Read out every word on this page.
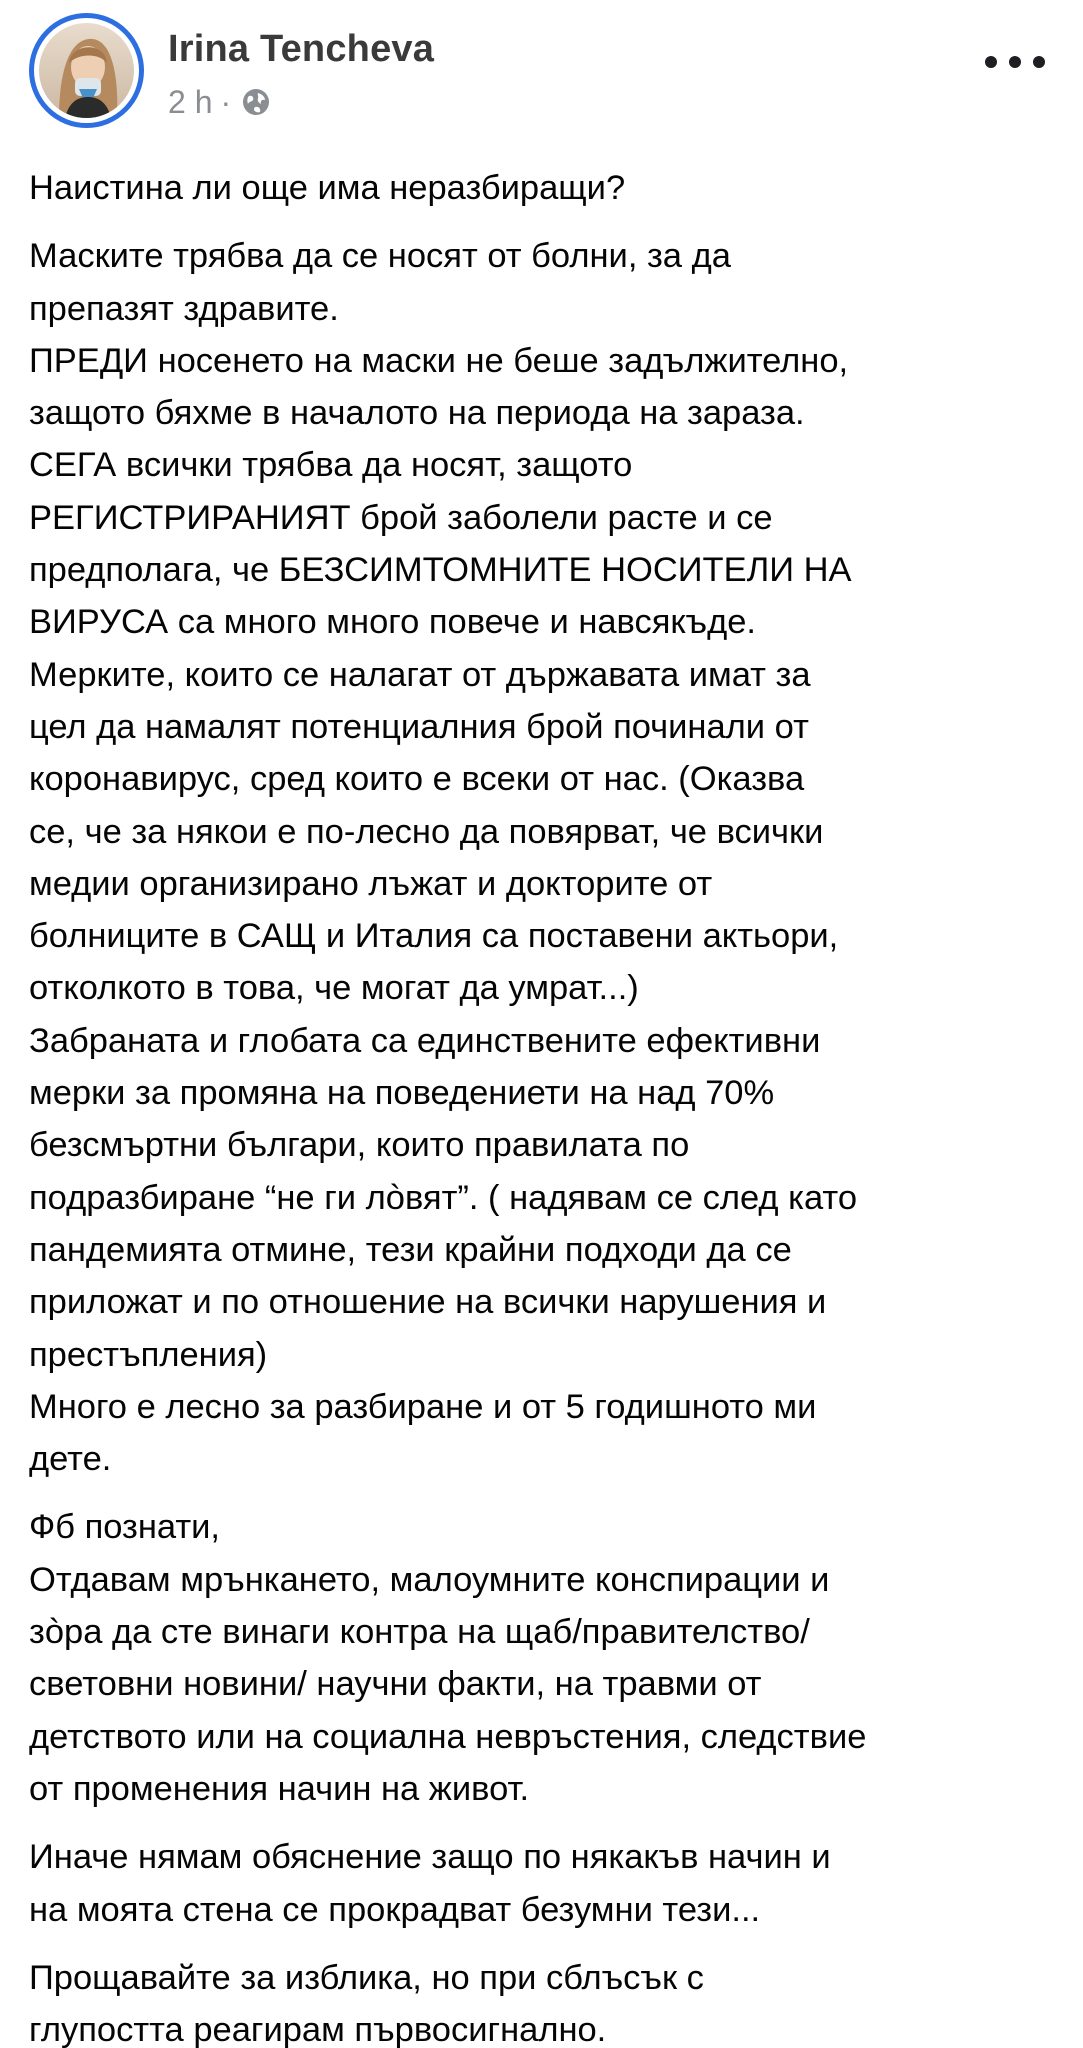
Irina Tencheva
2 h ·

Наистина ли още има неразбиращи?

Маските трябва да се носят от болни, за да
препазят здравите.
ПРЕДИ носенето на маски не беше задължително,
защото бяхме в началото на периода на зараза.
СЕГА всички трябва да носят, защото
РЕГИСТРИРАНИЯТ брой заболели расте и се
предполага, че БЕЗСИМТОМНИТЕ НОСИТЕЛИ НА
ВИРУСА са много много повече и навсякъде.
Мерките, които се налагат от държавата имат за
цел да намалят потенциалния брой починали от
коронавирус, сред които е всеки от нас. (Оказва
се, че за някои е по-лесно да повярват, че всички
медии организирано лъжат и докторите от
болниците в САЩ и Италия са поставени актьори,
отколкото в това, че могат да умрат...)
Забраната и глобата са единствените ефективни
мерки за промяна на поведениети на над 70%
безсмъртни българи, които правилата по
подразбиране “не ги лòвят”. ( надявам се след като
пандемията отмине, тези крайни подходи да се
приложат и по отношение на всички нарушения и
престъпления)
Много е лесно за разбиране и от 5 годишното ми
дете.

Фб познати,
Отдавам мрънкането, малоумните конспирации и
зòра да сте винаги контра на щаб/правителство/
световни новини/ научни факти, на травми от
детството или на социална невръстения, следствие
от променения начин на живот.

Иначе нямам обяснение защо по някакъв начин и
на моята стена се прокрадват безумни тези...

Прощавайте за изблика, но при сблъсък с
глупостта реагирам първосигнално.
